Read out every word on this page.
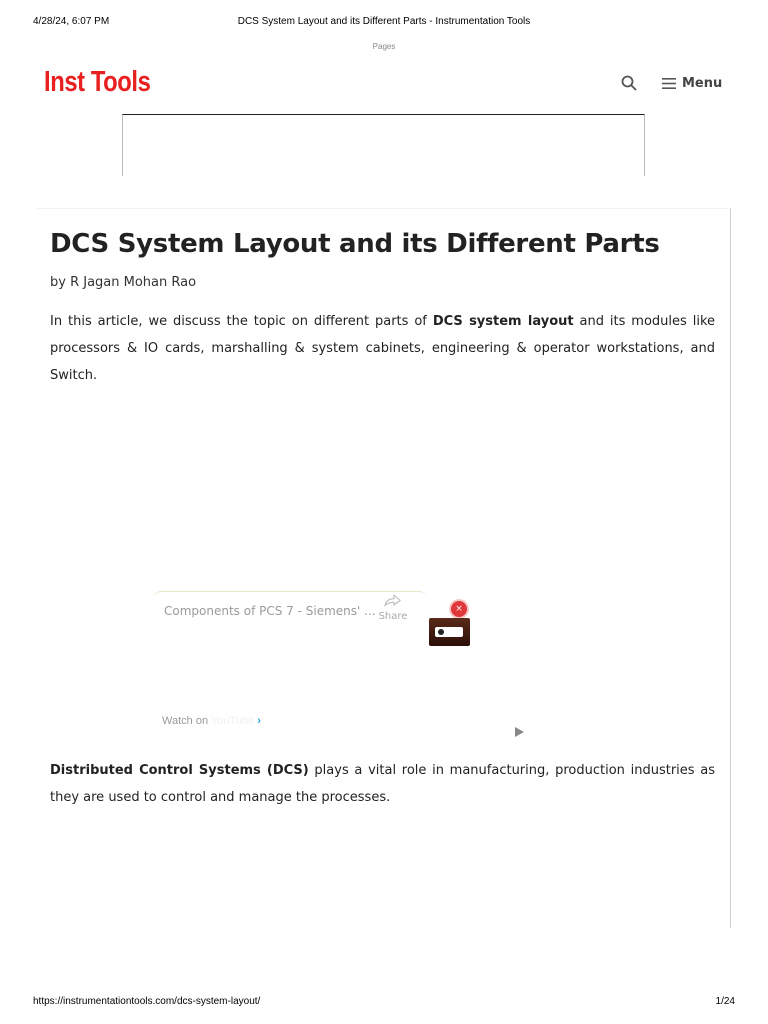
4/28/24, 6:07 PM	DCS System Layout and its Different Parts - Instrumentation Tools
Pages
Inst Tools	Menu
DCS System Layout and its Different Parts
by R Jagan Mohan Rao

In this article, we discuss the topic on different parts of DCS system layout and its modules like processors & IO cards, marshalling & system cabinets, engineering & operator workstations, and Switch.

Components of PCS 7 - Siemens' ... Share
×
Watch on YouTube ›

Distributed Control Systems (DCS) plays a vital role in manufacturing, production industries as they are used to control and manage the processes.

https://instrumentationtools.com/dcs-system-layout/	1/24
